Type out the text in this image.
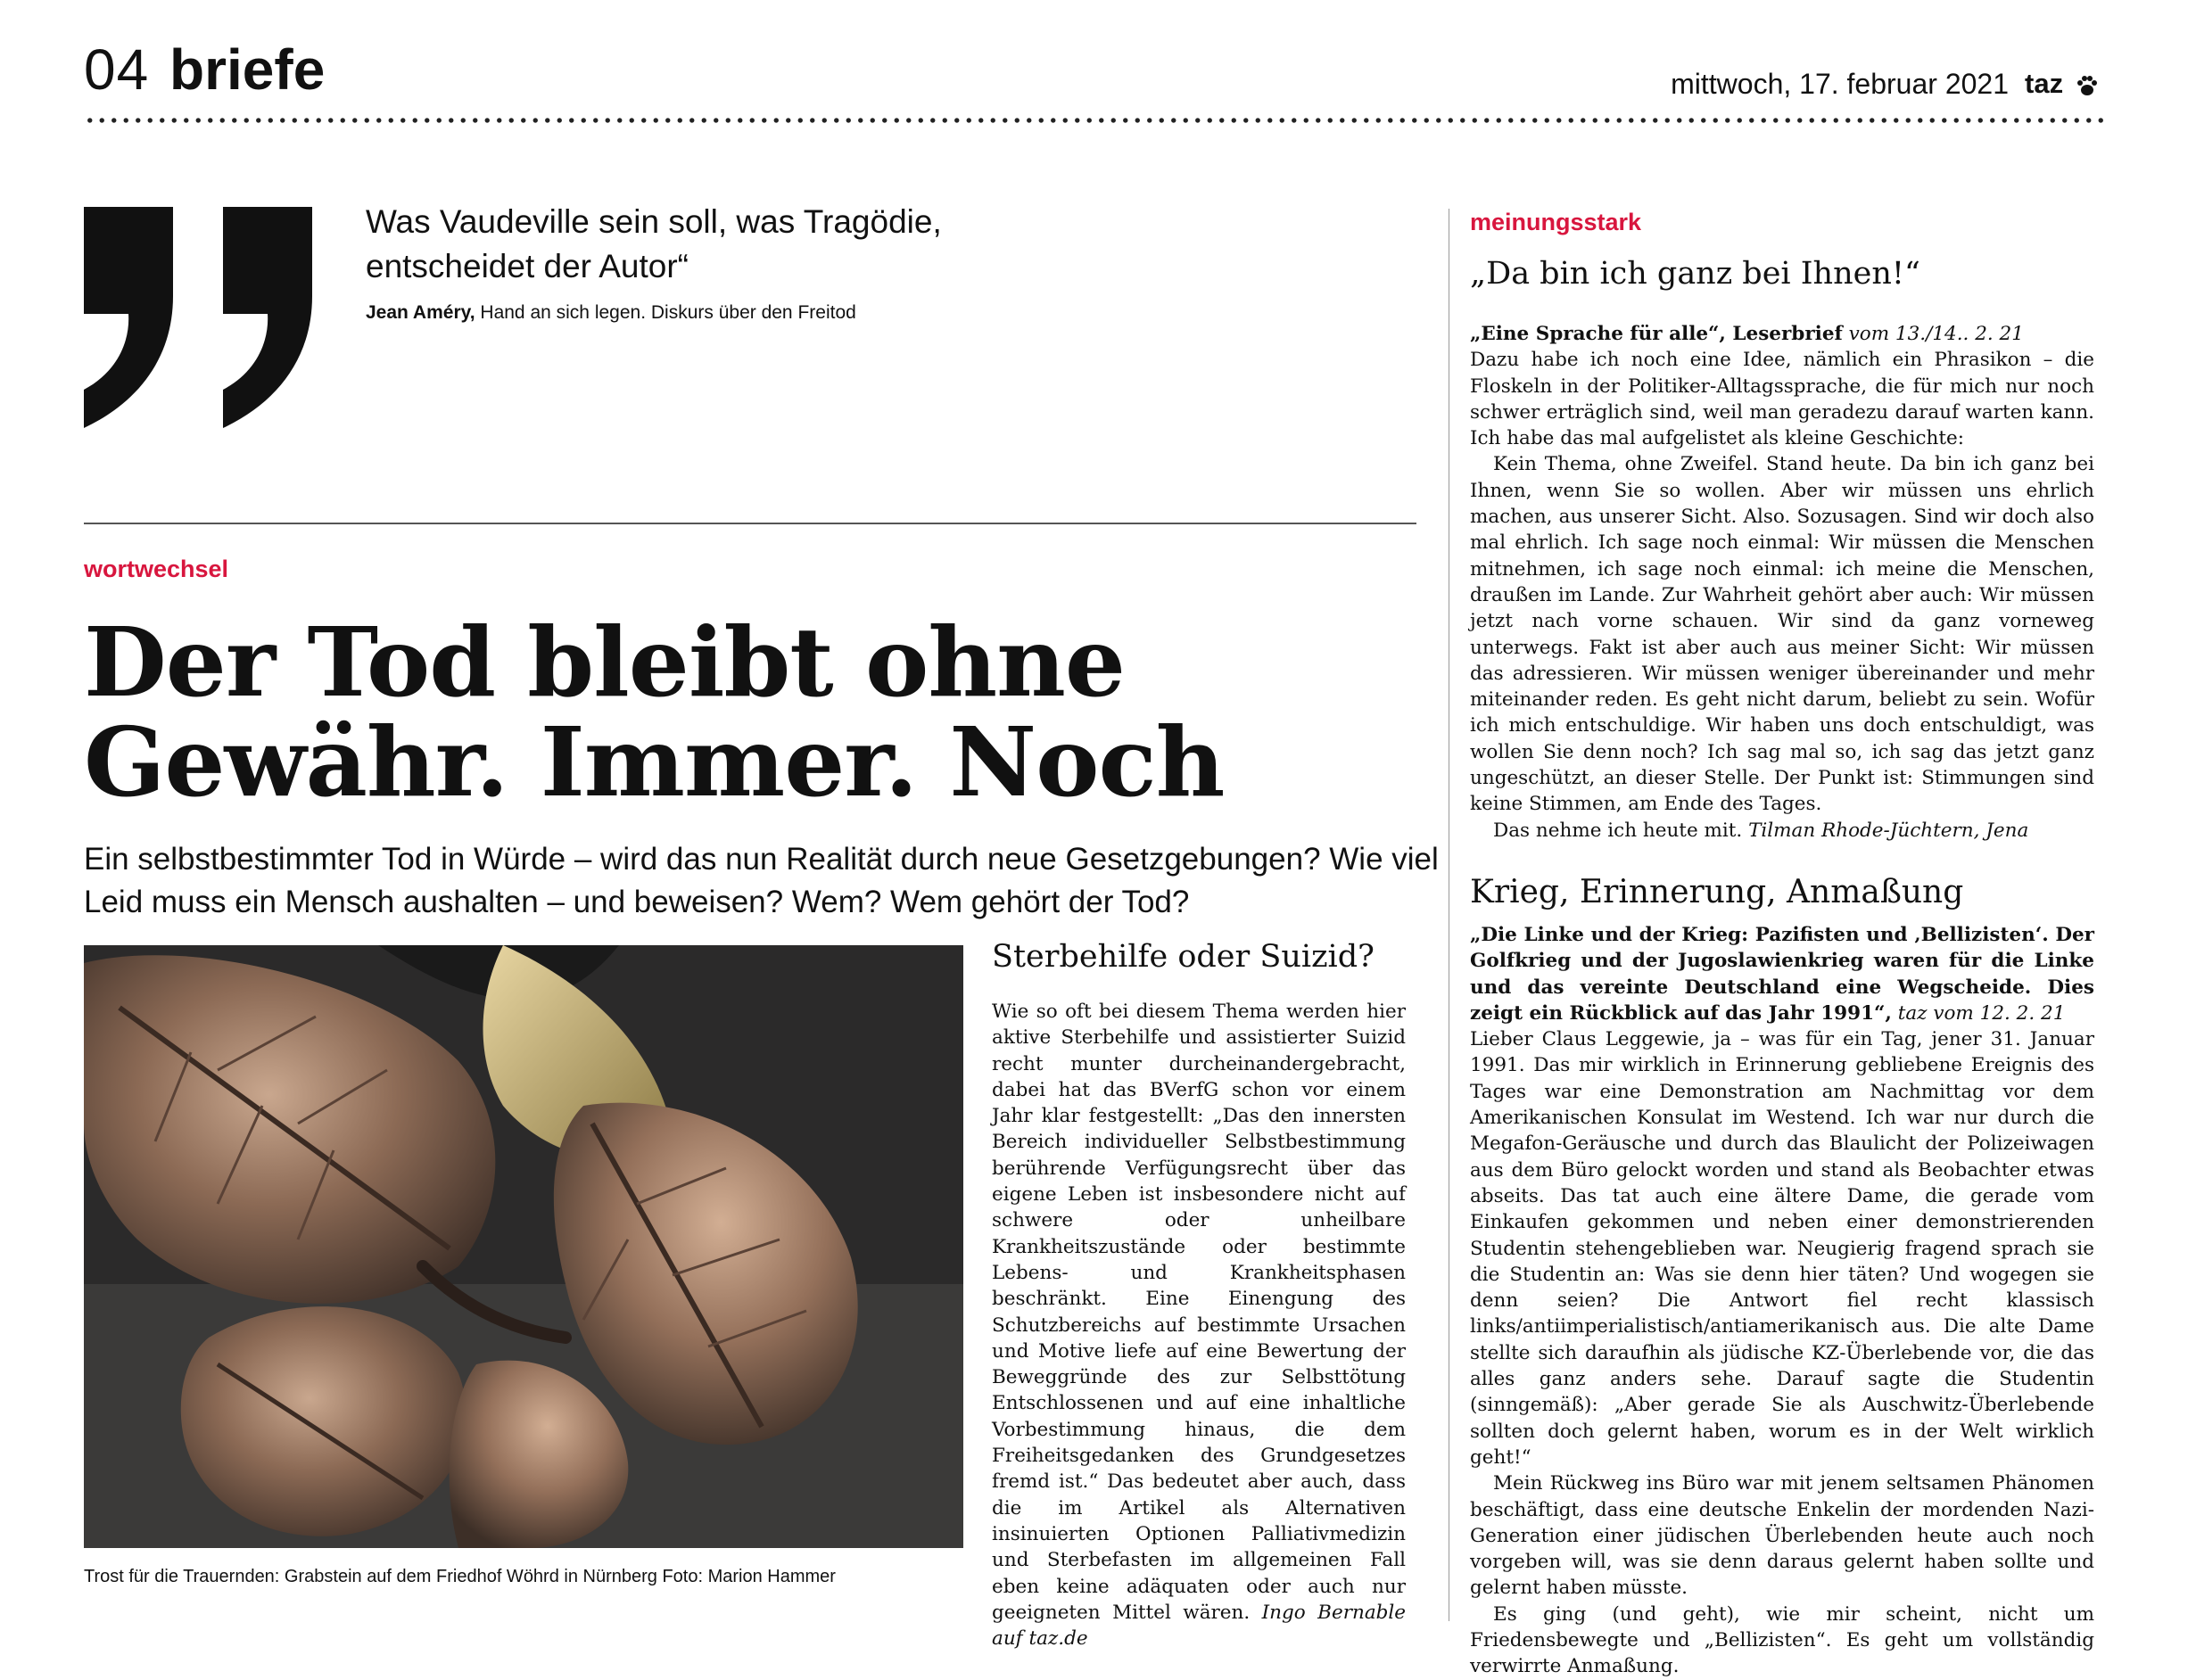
04 briefe	mittwoch, 17. februar 2021 taz
Was Vaudeville sein soll, was Tragödie, entscheidet der Autor“
Jean Améry, Hand an sich legen. Diskurs über den Freitod
wortwechsel
Der Tod bleibt ohne
Gewähr. Immer. Noch
Ein selbstbestimmter Tod in Würde – wird das nun Realität durch neue Gesetzgebungen? Wie viel Leid muss ein Mensch aushalten – und beweisen? Wem? Wem gehört der Tod?
Trost für die Trauernden: Grabstein auf dem Friedhof Wöhrd in Nürnberg Foto: Marion Hammer
Sterbehilfe oder Suizid?
Wie so oft bei diesem Thema werden hier aktive Sterbehilfe und assistierter Suizid recht munter durcheinandergebracht, dabei hat das BVerfG schon vor einem Jahr klar festgestellt: „Das den innersten Bereich individueller Selbstbestimmung berührende Verfügungsrecht über das eigene Leben ist insbesondere nicht auf schwere oder unheilbare Krankheitszustände oder bestimmte Lebens- und Krankheitsphasen beschränkt. Eine Einengung des Schutzbereichs auf bestimmte Ursachen und Motive liefe auf eine Bewertung der Beweggründe des zur Selbsttötung Entschlossenen und auf eine inhaltliche Vorbestimmung hinaus, die dem Freiheitsgedanken des Grundgesetzes fremd ist.“ Das bedeutet aber auch, dass die im Artikel als Alternativen insinuierten Optionen Palliativmedizin und Sterbefasten im allgemeinen Fall eben keine adäquaten oder auch nur geeigneten Mittel wären. Ingo Bernable auf taz.de
meinungsstark
„Da bin ich ganz bei Ihnen!“

„Eine Sprache für alle“, Leserbrief vom 13./14.. 2. 21

Dazu habe ich noch eine Idee, nämlich ein Phrasikon – die Floskeln in der Politiker-Alltagssprache, die für mich nur noch schwer erträglich sind, weil man geradezu darauf warten kann. Ich habe das mal aufgelistet als kleine Geschichte:

Kein Thema, ohne Zweifel. Stand heute. Da bin ich ganz bei Ihnen, wenn Sie so wollen. Aber wir müssen uns ehrlich machen, aus unserer Sicht. Also. Sozusagen. Sind wir doch also mal ehrlich. Ich sage noch einmal: Wir müssen die Menschen mitnehmen, ich sage noch einmal: ich meine die Menschen, draußen im Lande. Zur Wahrheit gehört aber auch: Wir müssen jetzt nach vorne schauen. Wir sind da ganz vorneweg unterwegs. Fakt ist aber auch aus meiner Sicht: Wir müssen das adressieren. Wir müssen weniger übereinander und mehr miteinander reden. Es geht nicht darum, beliebt zu sein. Wofür ich mich entschuldige. Wir haben uns doch entschuldigt, was wollen Sie denn noch? Ich sag mal so, ich sag das jetzt ganz ungeschützt, an dieser Stelle. Der Punkt ist: Stimmungen sind keine Stimmen, am Ende des Tages.

Das nehme ich heute mit. Tilman Rhode-Jüchtern, Jena

Krieg, Erinnerung, Anmaßung

„Die Linke und der Krieg: Pazifisten und ‚Bellizisten‘. Der Golfkrieg und der Jugoslawienkrieg waren für die Linke und das vereinte Deutschland eine Wegscheide. Dies zeigt ein Rückblick auf das Jahr 1991“, taz vom 12. 2. 21

Lieber Claus Leggewie, ja – was für ein Tag, jener 31. Januar 1991. Das mir wirklich in Erinnerung gebliebene Ereignis des Tages war eine Demonstration am Nachmittag vor dem Amerikanischen Konsulat im Westend. Ich war nur durch die Megafon-Geräusche und durch das Blaulicht der Polizeiwagen aus dem Büro gelockt worden und stand als Beobachter etwas abseits. Das tat auch eine ältere Dame, die gerade vom Einkaufen gekommen und neben einer demonstrierenden Studentin stehengeblieben war. Neugierig fragend sprach sie die Studentin an: Was sie denn hier täten? Und wogegen sie denn seien? Die Antwort fiel recht klassisch links/antiimperialistisch/antiamerikanisch aus. Die alte Dame stellte sich daraufhin als jüdische KZ-Überlebende vor, die das alles ganz anders sehe. Darauf sagte die Studentin (sinngemäß): „Aber gerade Sie als Auschwitz-Überlebende sollten doch gelernt haben, worum es in der Welt wirklich geht!“

Mein Rückweg ins Büro war mit jenem seltsamen Phänomen beschäftigt, dass eine deutsche Enkelin der mordenden Nazi-Generation einer jüdischen Überlebenden heute auch noch vorgeben will, was sie denn daraus gelernt haben sollte und gelernt haben müsste.

Es ging (und geht), wie mir scheint, nicht um Friedensbewegte und „Bellizisten“. Es geht um vollständig verwirrte Anmaßung.
